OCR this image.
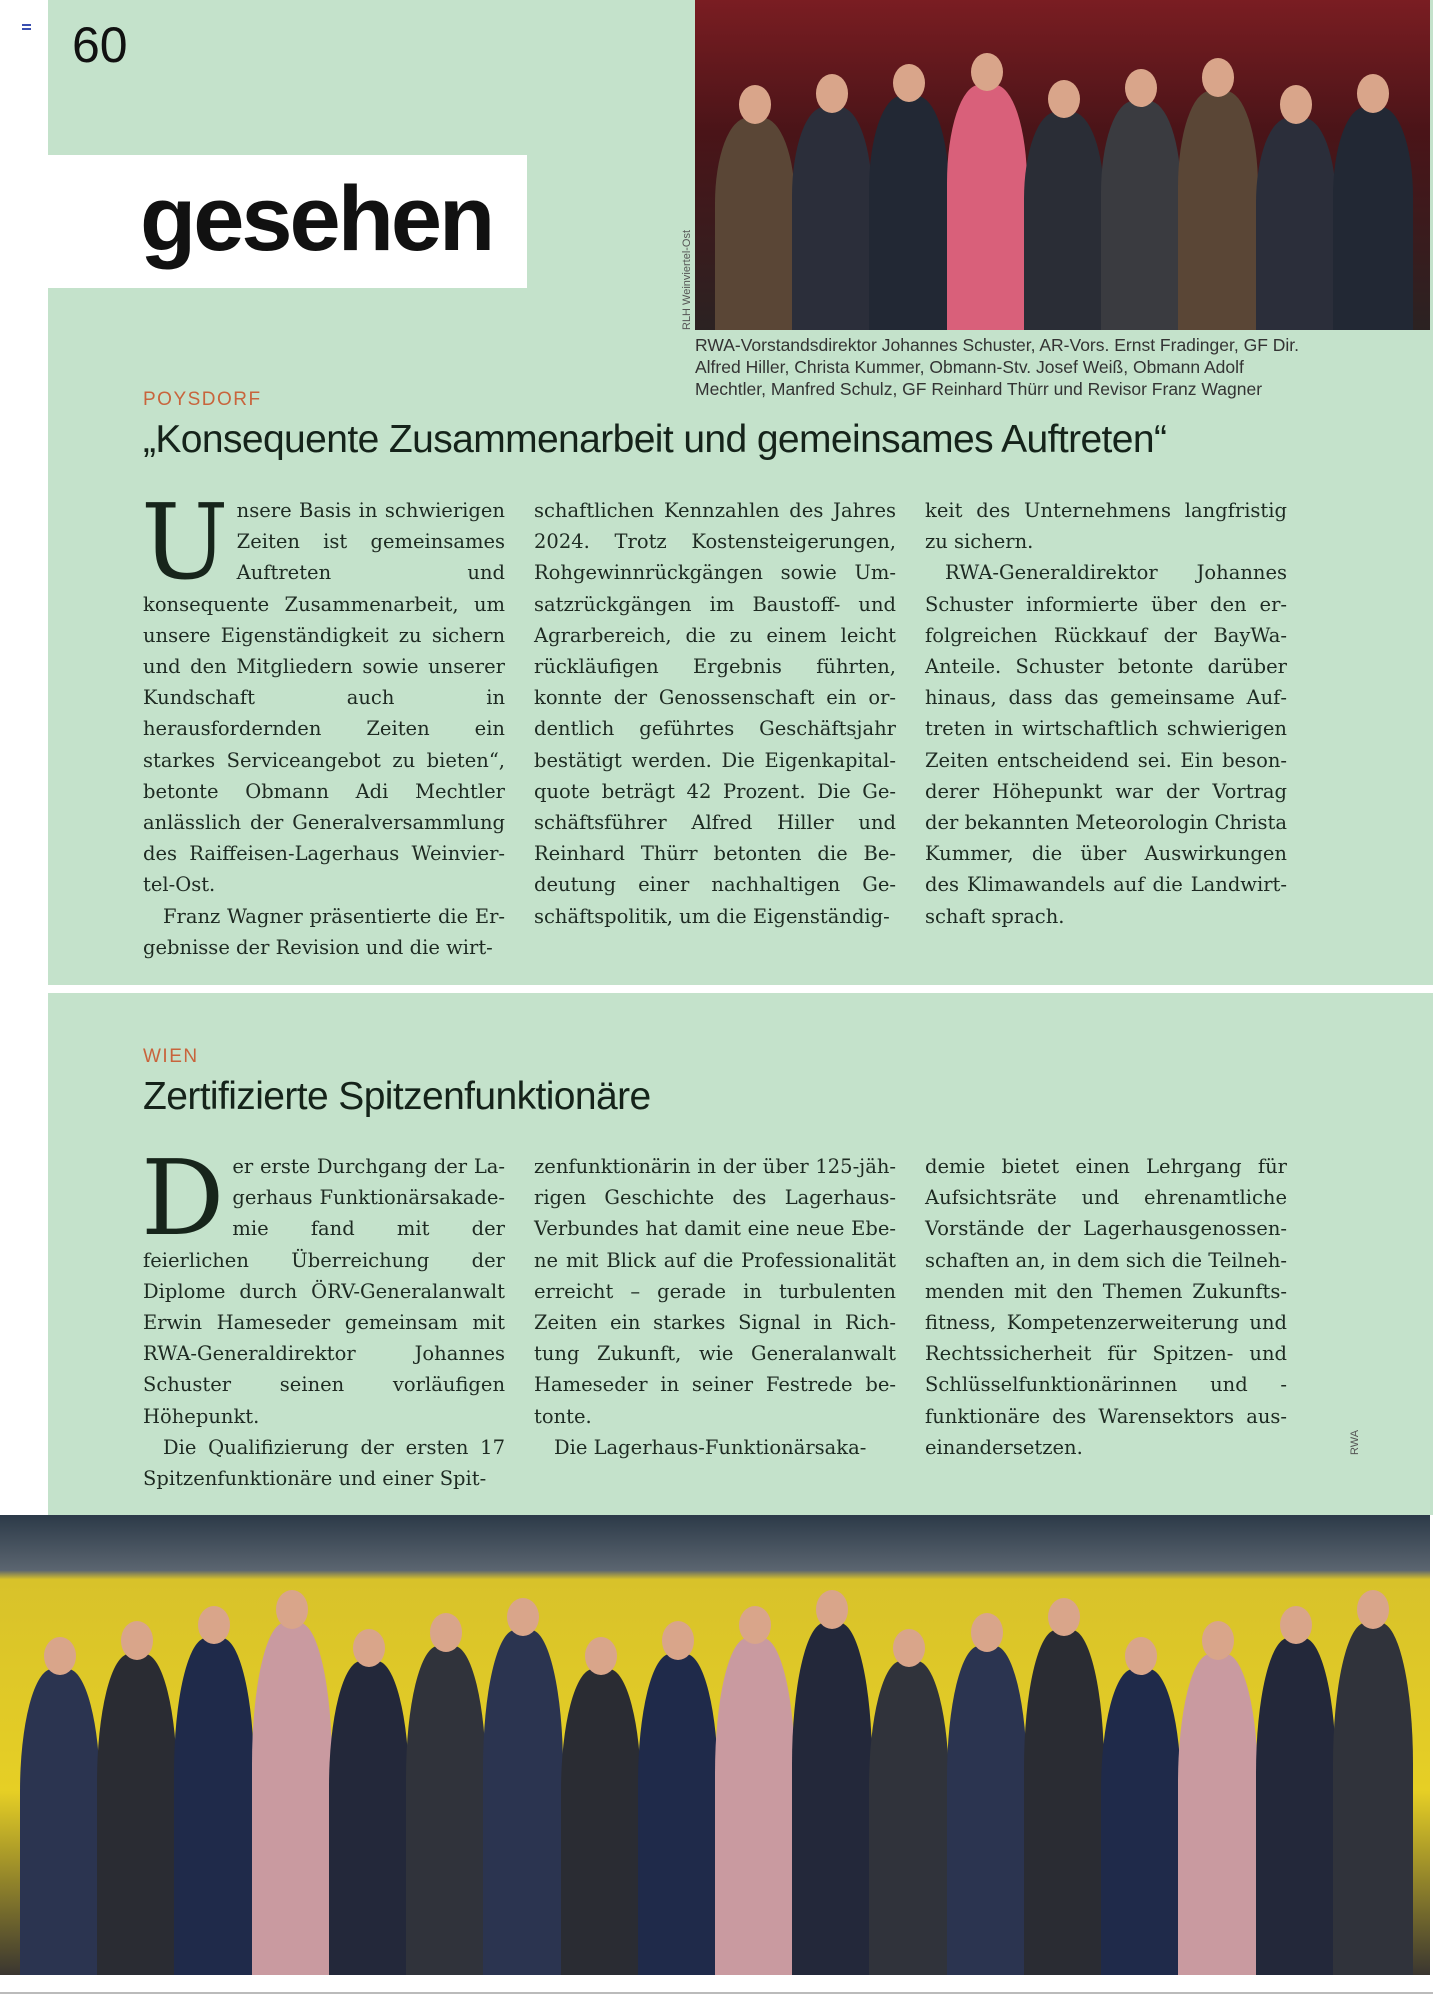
60
gesehen
RLH Weinviertel-Ost
RWA-Vorstandsdirektor Johannes Schuster, AR-Vors. Ernst Fradinger, GF Dir. Alfred Hiller, Christa Kummer, Obmann-Stv. Josef Weiß, Obmann Adolf Mechtler, Manfred Schulz, GF Reinhard Thürr und Revisor Franz Wagner
POYSDORF
„Konsequente Zusammenarbeit und gemeinsames Auftreten“
U nsere Basis in schwierigen Zeiten ist gemeinsames Auftreten und konsequente Zusammenarbeit, um unsere Eigenständigkeit zu sichern und den Mitgliedern sowie unserer Kundschaft auch in herausfordernden Zeiten ein starkes Serviceangebot zu bieten“, betonte Obmann Adi Mechtler anlässlich der Generalversammlung des Raiffeisen-Lagerhaus Weinviertel-Ost.

Franz Wagner präsentierte die Ergebnisse der Revision und die wirt-

schaftlichen Kennzahlen des Jahres 2024. Trotz Kostensteigerungen, Rohgewinnrückgängen sowie Umsatzrückgängen im Baustoff- und Agrarbereich, die zu einem leicht rückläufigen Ergebnis führten, konnte der Genossenschaft ein ordentlich geführtes Geschäftsjahr bestätigt werden. Die Eigenkapitalquote beträgt 42 Prozent. Die Geschäftsführer Alfred Hiller und Reinhard Thürr betonten die Bedeutung einer nachhaltigen Geschäftspolitik, um die Eigenständig-

keit des Unternehmens langfristig zu sichern.

RWA-Generaldirektor Johannes Schuster informierte über den erfolgreichen Rückkauf der BayWa-Anteile. Schuster betonte darüber hinaus, dass das gemeinsame Auftreten in wirtschaftlich schwierigen Zeiten entscheidend sei. Ein besonderer Höhepunkt war der Vortrag der bekannten Meteorologin Christa Kummer, die über Auswirkungen des Klimawandels auf die Landwirtschaft sprach.

WIEN
Zertifizierte Spitzenfunktionäre
D er erste Durchgang der Lagerhaus Funktionärsakademie fand mit der feierlichen Überreichung der Diplome durch ÖRV-Generalanwalt Erwin Hameseder gemeinsam mit RWA-Generaldirektor Johannes Schuster seinen vorläufigen Höhepunkt.

Die Qualifizierung der ersten 17 Spitzenfunktionäre und einer Spit-

zenfunktionärin in der über 125-jährigen Geschichte des Lagerhaus-Verbundes hat damit eine neue Ebene mit Blick auf die Professionalität erreicht – gerade in turbulenten Zeiten ein starkes Signal in Richtung Zukunft, wie Generalanwalt Hameseder in seiner Festrede betonte.

Die Lagerhaus-Funktionärsaka-

demie bietet einen Lehrgang für Aufsichtsräte und ehrenamtliche Vorstände der Lagerhausgenossenschaften an, in dem sich die Teilnehmenden mit den Themen Zukunftsfitness, Kompetenzerweiterung und Rechtssicherheit für Spitzen- und Schlüsselfunktionärinnen und -funktionäre des Warensektors auseinandersetzen.	RWA
